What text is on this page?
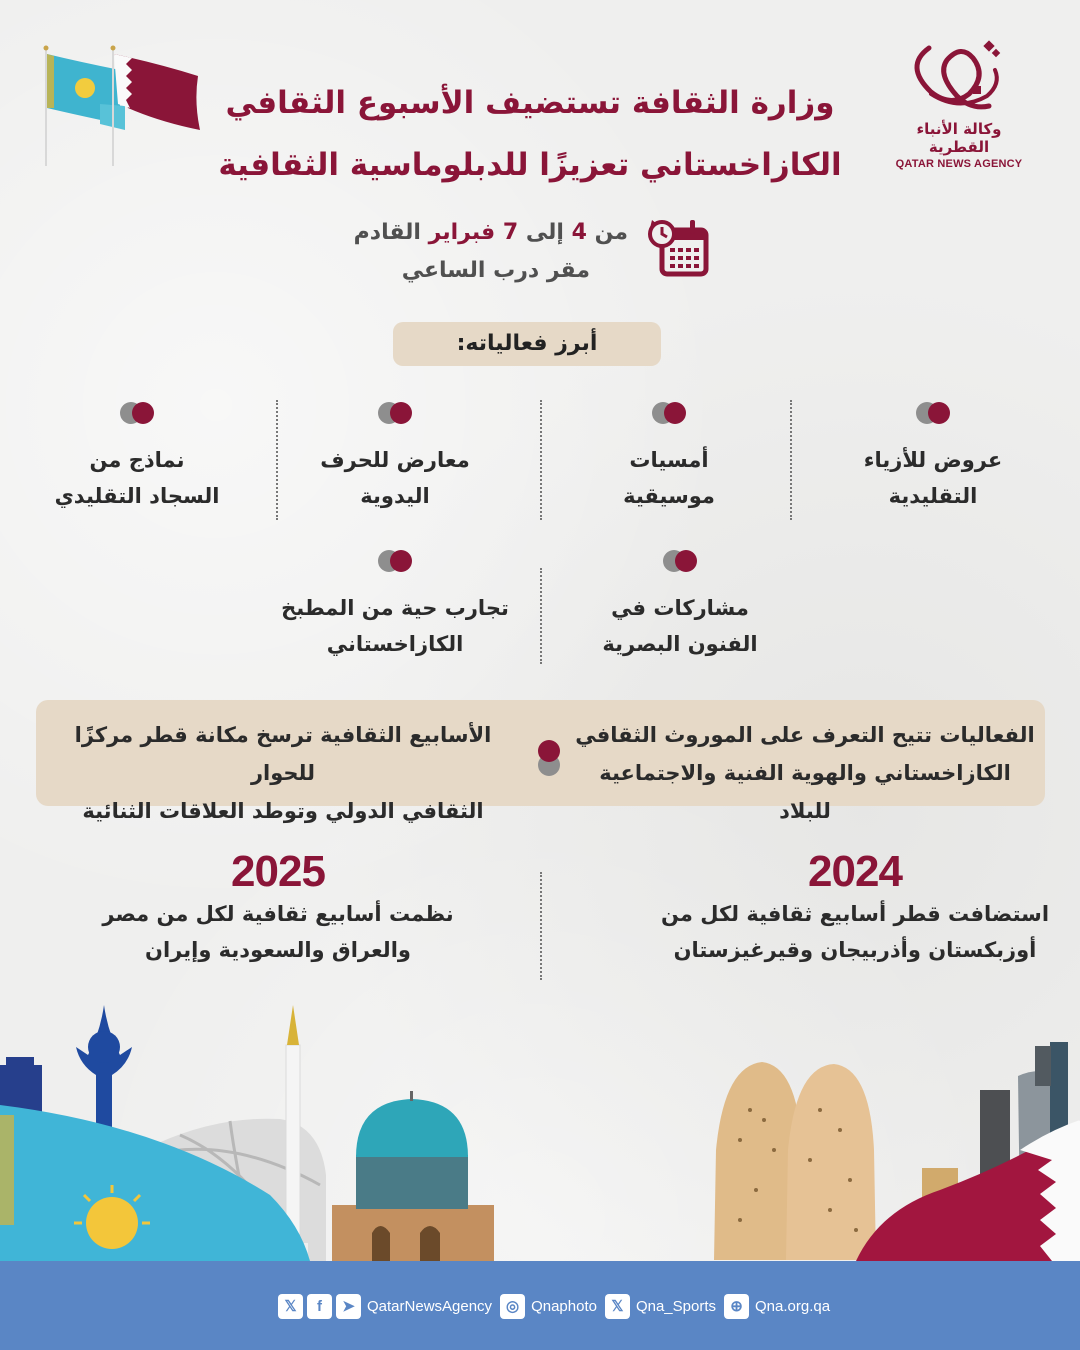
وزارة الثقافة تستضيف الأسبوع الثقافي
الكازاخستاني تعزيزًا للدبلوماسية الثقافية
وكالة الأنباء القطرية
QATAR NEWS AGENCY
من 4 إلى 7 فبراير القادم
مقر درب الساعي
أبرز فعالياته:
عروض للأزياء
التقليدية
أمسيات
موسيقية
معارض للحرف
اليدوية
نماذج من
السجاد التقليدي
مشاركات في
الفنون البصرية
تجارب حية من المطبخ
الكازاخستاني
الفعاليات تتيح التعرف على الموروث الثقافي
الكازاخستاني والهوية الفنية والاجتماعية للبلاد
الأسابيع الثقافية ترسخ مكانة قطر مركزًا للحوار
الثقافي الدولي وتوطد العلاقات الثنائية
2024
استضافت قطر أسابيع ثقافية لكل من
أوزبكستان وأذربيجان وقيرغيزستان
2025
نظمت أسابيع ثقافية لكل من مصر
والعراق والسعودية وإيران
𝕏	f	➤ QatarNewsAgency ◎ Qnaphoto 𝕏 Qna_Sports ⊕ Qna.org.qa
